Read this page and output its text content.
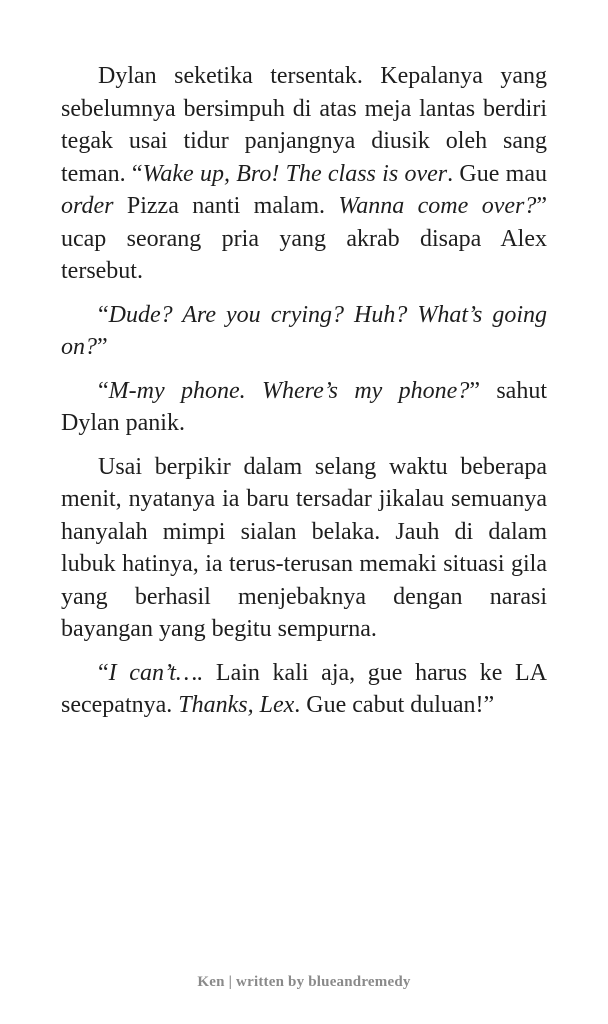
Dylan seketika tersentak. Kepalanya yang sebelumnya bersimpuh di atas meja lantas berdiri tegak usai tidur panjangnya diusik oleh sang teman. “Wake up, Bro! The class is over. Gue mau order Pizza nanti malam. Wanna come over?” ucap seorang pria yang akrab disapa Alex tersebut.

“Dude? Are you crying? Huh? What’s going on?”

“M-my phone. Where’s my phone?” sahut Dylan panik.

Usai berpikir dalam selang waktu beberapa menit, nyatanya ia baru tersadar jikalau semuanya hanyalah mimpi sialan belaka. Jauh di dalam lubuk hatinya, ia terus-terusan memaki situasi gila yang berhasil menjebaknya dengan narasi bayangan yang begitu sempurna.

“I can’t…. Lain kali aja, gue harus ke LA secepatnya. Thanks, Lex. Gue cabut duluan!”

Ken | written by blueandremedy
